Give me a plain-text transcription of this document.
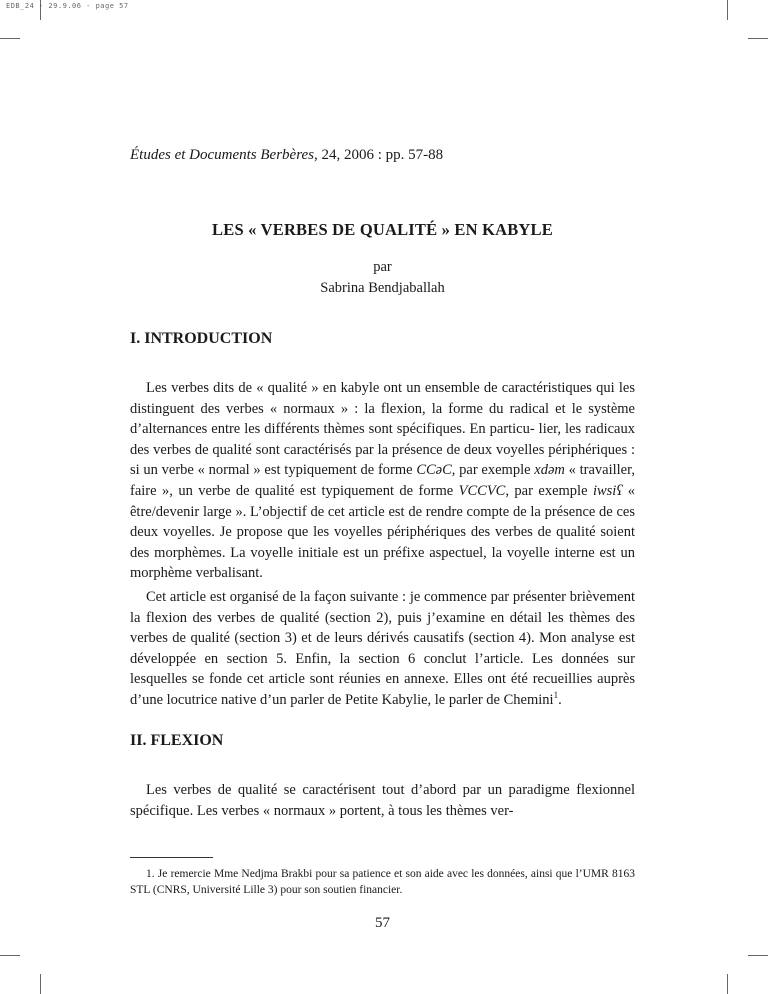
EDB_24 - 29.9.06 - page 57
Études et Documents Berbères, 24, 2006 : pp. 57-88
LES « VERBES DE QUALITÉ » EN KABYLE
par
Sabrina Bendjaballah
I. INTRODUCTION

Les verbes dits de « qualité » en kabyle ont un ensemble de caractéristiques qui les distinguent des verbes « normaux » : la flexion, la forme du radical et le système d’alternances entre les différents thèmes sont spécifiques. En particu- lier, les radicaux des verbes de qualité sont caractérisés par la présence de deux voyelles périphériques : si un verbe « normal » est typiquement de forme CCəC, par exemple xdəm « travailler, faire », un verbe de qualité est typiquement de forme VCCVC, par exemple iwsiʕ « être/devenir large ». L’objectif de cet article est de rendre compte de la présence de ces deux voyelles. Je propose que les voyelles périphériques des verbes de qualité soient des morphèmes. La voyelle initiale est un préfixe aspectuel, la voyelle interne est un morphème verbalisant.

Cet article est organisé de la façon suivante : je commence par présenter brièvement la flexion des verbes de qualité (section 2), puis j’examine en détail les thèmes des verbes de qualité (section 3) et de leurs dérivés causatifs (section 4). Mon analyse est développée en section 5. Enfin, la section 6 conclut l’article. Les données sur lesquelles se fonde cet article sont réunies en annexe. Elles ont été recueillies auprès d’une locutrice native d’un parler de Petite Kabylie, le parler de Chemini$^1$.

II. FLEXION

Les verbes de qualité se caractérisent tout d’abord par un paradigme flexionnel spécifique. Les verbes « normaux » portent, à tous les thèmes ver-

1. Je remercie Mme Nedjma Brakbi pour sa patience et son aide avec les données, ainsi que l’UMR 8163 STL (CNRS, Université Lille 3) pour son soutien financier.

57
